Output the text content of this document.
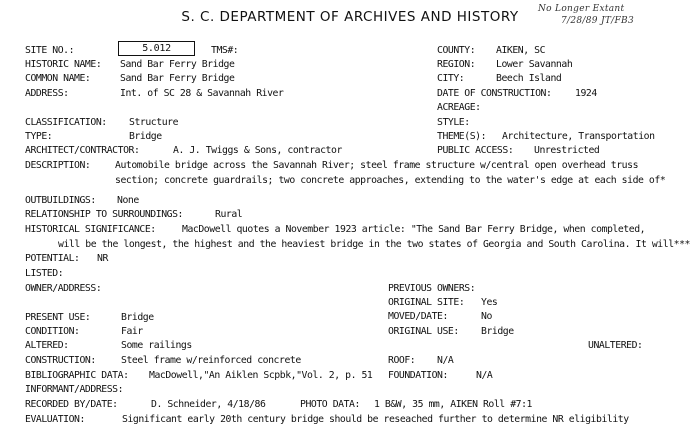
S. C. DEPARTMENT OF ARCHIVES AND HISTORY	No Longer Extant
7/28/89 JT/FB3
SITE NO.:	5.012	TMS#:
HISTORIC NAME: Sand Bar Ferry Bridge
COMMON NAME:	Sand Bar Ferry Bridge
ADDRESS:	Int. of SC 28 & Savannah River
COUNTY: AIKEN, SC
REGION: Lower Savannah
CITY:	Beech Island
DATE OF CONSTRUCTION: 1924
ACREAGE:
STYLE:
CLASSIFICATION: Structure
TYPE:	Bridge	THEME(S): Architecture, Transportation
ARCHITECT/CONTRACTOR:	A. J. Twiggs & Sons, contractor	PUBLIC ACCESS: Unrestricted
DESCRIPTION:	Automobile bridge across the Savannah River; steel frame structure w/central open overhead truss
section; concrete guardrails; two concrete approaches, extending to the water's edge at each side of*
OUTBUILDINGS: None
RELATIONSHIP TO SURROUNDINGS:	Rural
HISTORICAL SIGNIFICANCE:	MacDowell quotes a November 1923 article: "The Sand Bar Ferry Bridge, when completed,
will be the longest, the highest and the heaviest bridge in the two states of Georgia and South Carolina. It will***
POTENTIAL: NR
LISTED:
OWNER/ADDRESS:	PREVIOUS OWNERS:
ORIGINAL SITE: Yes
MOVED/DATE:	No
ORIGINAL USE: Bridge
UNALTERED:
PRESENT USE:	Bridge
CONDITION:	Fair
ALTERED:	Some railings
CONSTRUCTION:	Steel frame w/reinforced concrete	ROOF: N/A
BIBLIOGRAPHIC DATA: MacDowell,"An Aiklen Scpbk,"Vol. 2, p. 51 FOUNDATION:	N/A
INFORMANT/ADDRESS:
RECORDED BY/DATE:	D. Schneider, 4/18/86	PHOTO DATA: 1 B&W, 35 mm, AIKEN Roll #7:1
EVALUATION:	Significant early 20th century bridge should be reseached further to determine NR eligibility
